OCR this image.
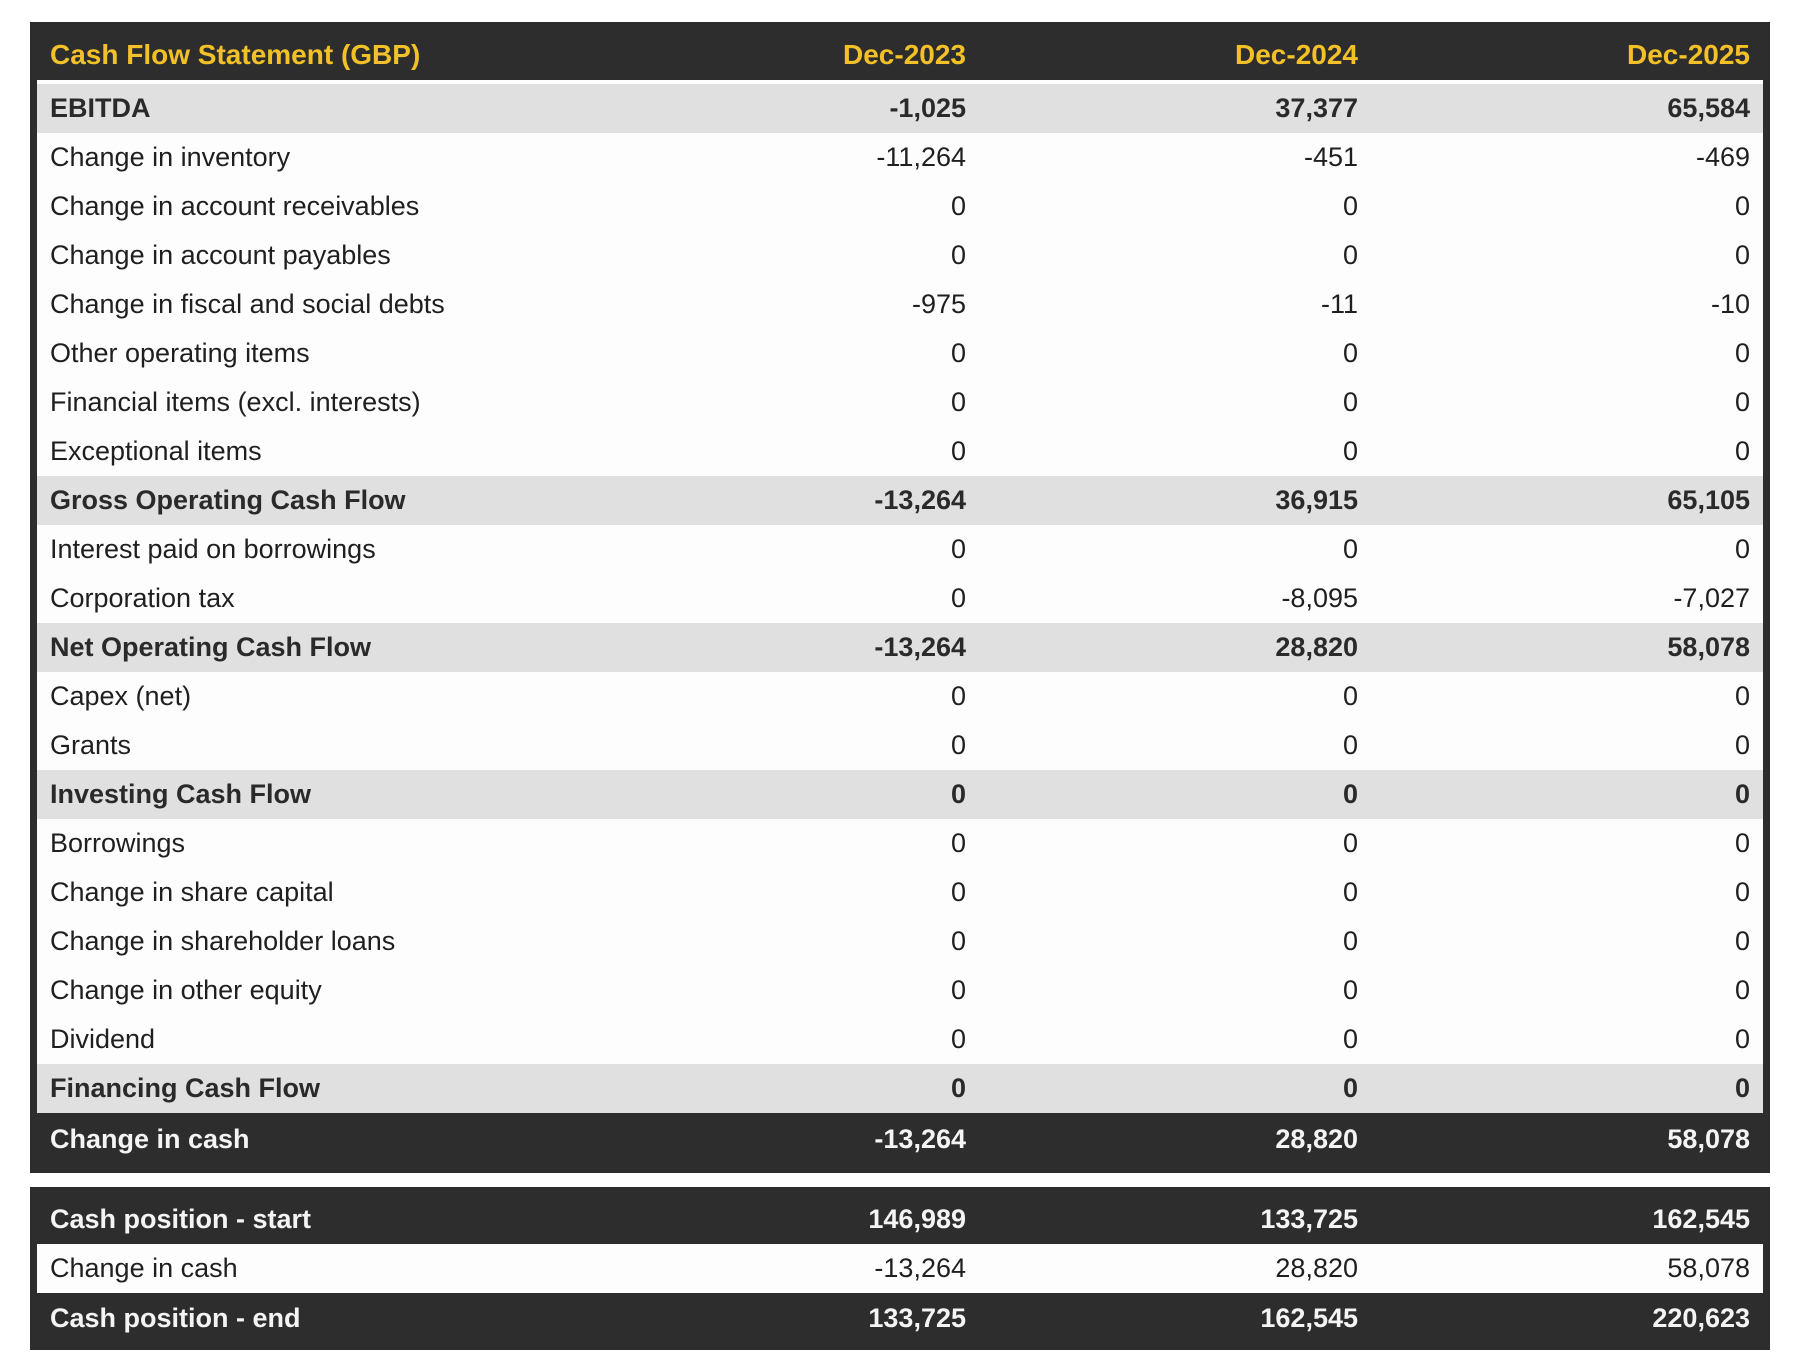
Cash Flow Statement (GBP)	Dec-2023	Dec-2024	Dec-2025
EBITDA	-1,025	37,377	65,584
Change in inventory	-11,264	-451	-469
Change in account receivables	0	0	0
Change in account payables	0	0	0
Change in fiscal and social debts	-975	-11	-10
Other operating items	0	0	0
Financial items (excl. interests)	0	0	0
Exceptional items	0	0	0
Gross Operating Cash Flow	-13,264	36,915	65,105
Interest paid on borrowings	0	0	0
Corporation tax	0	-8,095	-7,027
Net Operating Cash Flow	-13,264	28,820	58,078
Capex (net)	0	0	0
Grants	0	0	0
Investing Cash Flow	0	0	0
Borrowings	0	0	0
Change in share capital	0	0	0
Change in shareholder loans	0	0	0
Change in other equity	0	0	0
Dividend	0	0	0
Financing Cash Flow	0	0	0
Change in cash	-13,264	28,820	58,078
Cash position - start	146,989	133,725	162,545
Change in cash	-13,264	28,820	58,078
Cash position - end	133,725	162,545	220,623
